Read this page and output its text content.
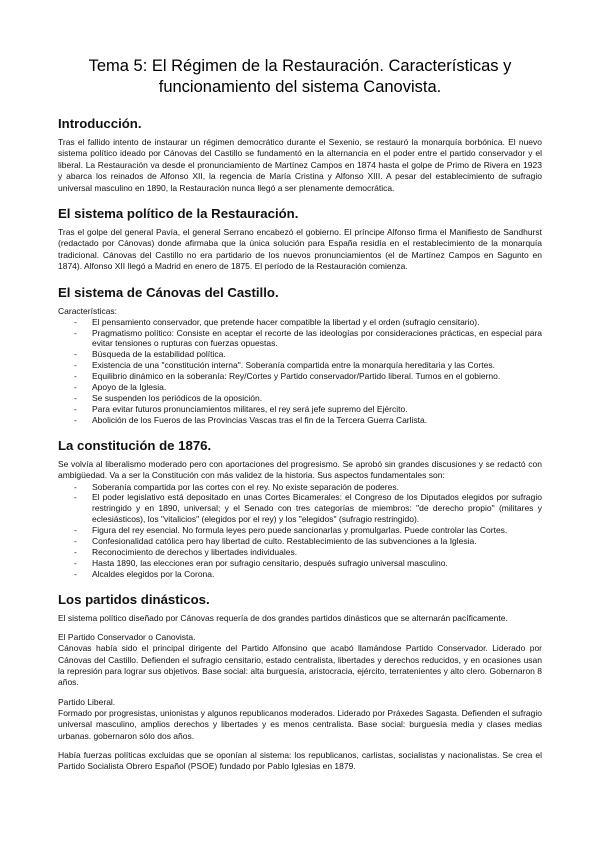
Tema 5: El Régimen de la Restauración. Características y funcionamiento del sistema Canovista.
Introducción.

Tras el fallido intento de instaurar un régimen democrático durante el Sexenio, se restauró la monarquía borbónica. El nuevo sistema político ideado por Cánovas del Castillo se fundamentó en la alternancia en el poder entre el partido conservador y el liberal. La Restauración va desde el pronunciamiento de Martínez Campos en 1874 hasta el golpe de Primo de Rivera en 1923 y abarca los reinados de Alfonso XII, la regencia de María Cristina y Alfonso XIII. A pesar del establecimiento de sufragio universal masculino en 1890, la Restauración nunca llegó a ser plenamente democrática.

El sistema político de la Restauración.

Tras el golpe del general Pavía, el general Serrano encabezó el gobierno. El príncipe Alfonso firma el Manifiesto de Sandhurst (redactado por Cánovas) donde afirmaba que la única solución para España residía en el restablecimiento de la monarquía tradicional. Cánovas del Castillo no era partidario de los nuevos pronunciamientos (el de Martínez Campos en Sagunto en 1874). Alfonso XII llegó a Madrid en enero de 1875. El período de la Restauración comienza.

El sistema de Cánovas del Castillo.
Características:
- El pensamiento conservador, que pretende hacer compatible la libertad y el orden (sufragio censitario).
- Pragmatismo político: Consiste en aceptar el recorte de las ideologías por consideraciones prácticas, en especial para evitar tensiones o rupturas con fuerzas opuestas.
- Búsqueda de la estabilidad política.
- Existencia de una "constitución interna". Soberanía compartida entre la monarquía hereditaria y las Cortes.
- Equilibrio dinámico en la soberanía: Rey/Cortes y Partido conservador/Partido liberal. Turnos en el gobierno.
- Apoyo de la Iglesia.
- Se suspenden los periódicos de la oposición.
- Para evitar futuros pronunciamientos militares, el rey será jefe supremo del Ejército.
- Abolición de los Fueros de las Provincias Vascas tras el fin de la Tercera Guerra Carlista.
La constitución de 1876.

Se volvía al liberalismo moderado pero con aportaciones del progresismo. Se aprobó sin grandes discusiones y se redactó con ambigüedad. Va a ser la Constitución con más validez de la historia. Sus aspectos fundamentales son:

- Soberanía compartida por las cortes con el rey. No existe separación de poderes.
- El poder legislativo está depositado en unas Cortes Bicamerales: el Congreso de los Diputados elegidos por sufragio restringido y en 1890, universal; y el Senado con tres categorías de miembros: "de derecho propio" (militares y eclesiásticos), los "vitalicios" (elegidos por el rey) y los "elegidos" (sufragio restringido).
- Figura del rey esencial. No formula leyes pero puede sancionarlas y promulgarlas. Puede controlar las Cortes.
- Confesionalidad católica pero hay libertad de culto. Restablecimiento de las subvenciones a la Iglesia.
- Reconocimiento de derechos y libertades individuales.
- Hasta 1890, las elecciones eran por sufragio censitario, después sufragio universal masculino.
- Alcaldes elegidos por la Corona.
Los partidos dinásticos.

El sistema político diseñado por Cánovas requería de dos grandes partidos dinásticos que se alternarán pacíficamente.

El Partido Conservador o Canovista.

Cánovas había sido el principal dirigente del Partido Alfonsino que acabó llamándose Partido Conservador. Liderado por Cánovas del Castillo. Defienden el sufragio censitario, estado centralista, libertades y derechos reducidos, y en ocasiones usan la represión para lograr sus objetivos. Base social: alta burguesía, aristocracia, ejército, terratenientes y alto clero. Gobernaron 8 años.

Partido Liberal.

Formado por progresistas, unionistas y algunos republicanos moderados. Liderado por Práxedes Sagasta. Defienden el sufragio universal masculino, amplios derechos y libertades y es menos centralista. Base social: burguesía media y clases medias urbanas. gobernaron sólo dos años.

Había fuerzas políticas excluidas que se oponían al sistema: los republicanos, carlistas, socialistas y nacionalistas. Se crea el Partido Socialista Obrero Español (PSOE) fundado por Pablo Iglesias en 1879.
